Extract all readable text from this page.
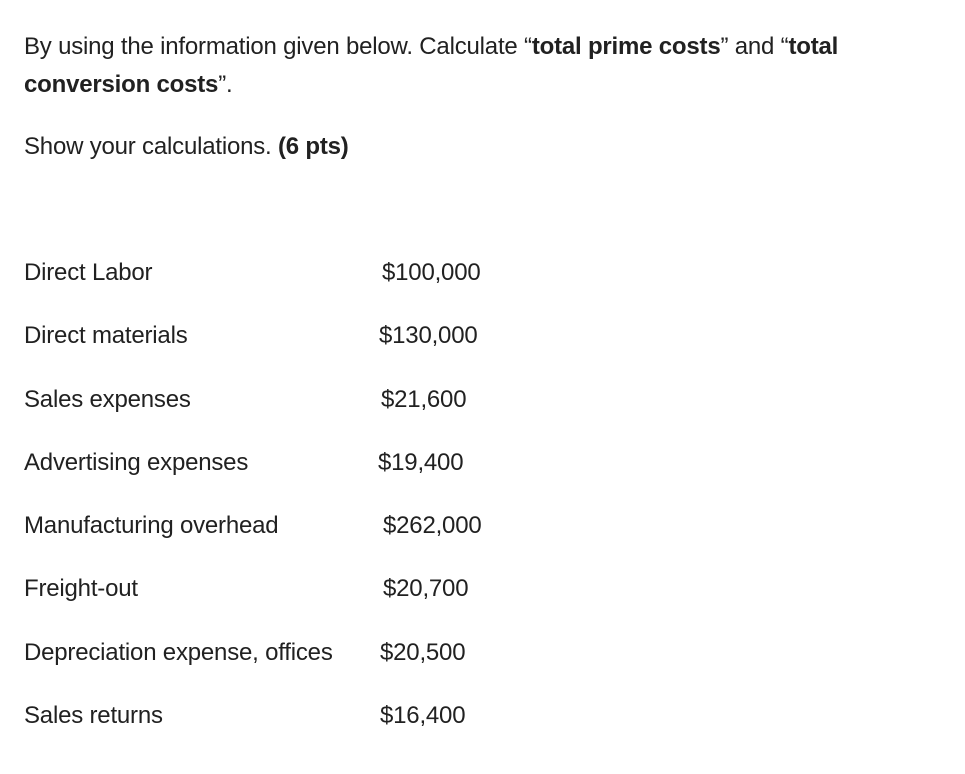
By using the information given below. Calculate “total prime costs” and “total conversion costs”.

Show your calculations. (6 pts)

Direct Labor	$100,000
Direct materials	$130,000
Sales expenses	$21,600
Advertising expenses	$19,400
Manufacturing overhead	$262,000
Freight-out	$20,700
Depreciation expense, offices $20,500
Sales returns	$16,400
